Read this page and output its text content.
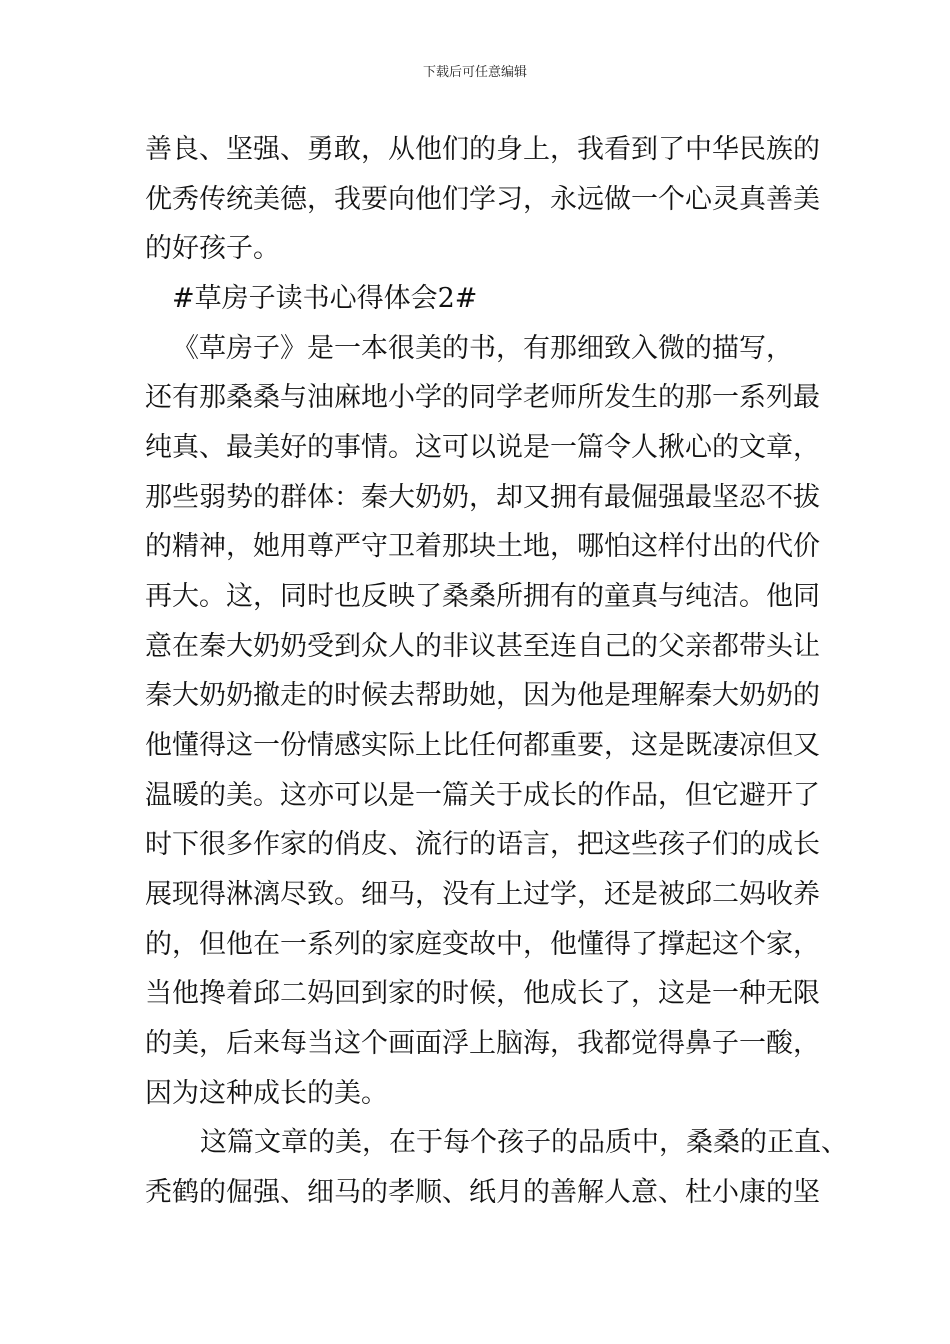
下载后可任意编辑
善良、坚强、勇敢，从他们的身上，我看到了中华民族的
优秀传统美德，我要向他们学习，永远做一个心灵真善美
的好孩子。
#草房子读书心得体会2#
《草房子》是一本很美的书，有那细致入微的描写，
还有那桑桑与油麻地小学的同学老师所发生的那一系列最
纯真、最美好的事情。这可以说是一篇令人揪心的文章，
那些弱势的群体：秦大奶奶，却又拥有最倔强最坚忍不拔
的精神，她用尊严守卫着那块土地，哪怕这样付出的代价
再大。这，同时也反映了桑桑所拥有的童真与纯洁。他同
意在秦大奶奶受到众人的非议甚至连自己的父亲都带头让
秦大奶奶撤走的时候去帮助她，因为他是理解秦大奶奶的
他懂得这一份情感实际上比任何都重要，这是既凄凉但又
温暖的美。这亦可以是一篇关于成长的作品，但它避开了
时下很多作家的俏皮、流行的语言，把这些孩子们的成长
展现得淋漓尽致。细马，没有上过学，还是被邱二妈收养
的，但他在一系列的家庭变故中，他懂得了撑起这个家，
当他搀着邱二妈回到家的时候，他成长了，这是一种无限
的美，后来每当这个画面浮上脑海，我都觉得鼻子一酸，
因为这种成长的美。
这篇文章的美，在于每个孩子的品质中，桑桑的正直、
秃鹤的倔强、细马的孝顺、纸月的善解人意、杜小康的坚
